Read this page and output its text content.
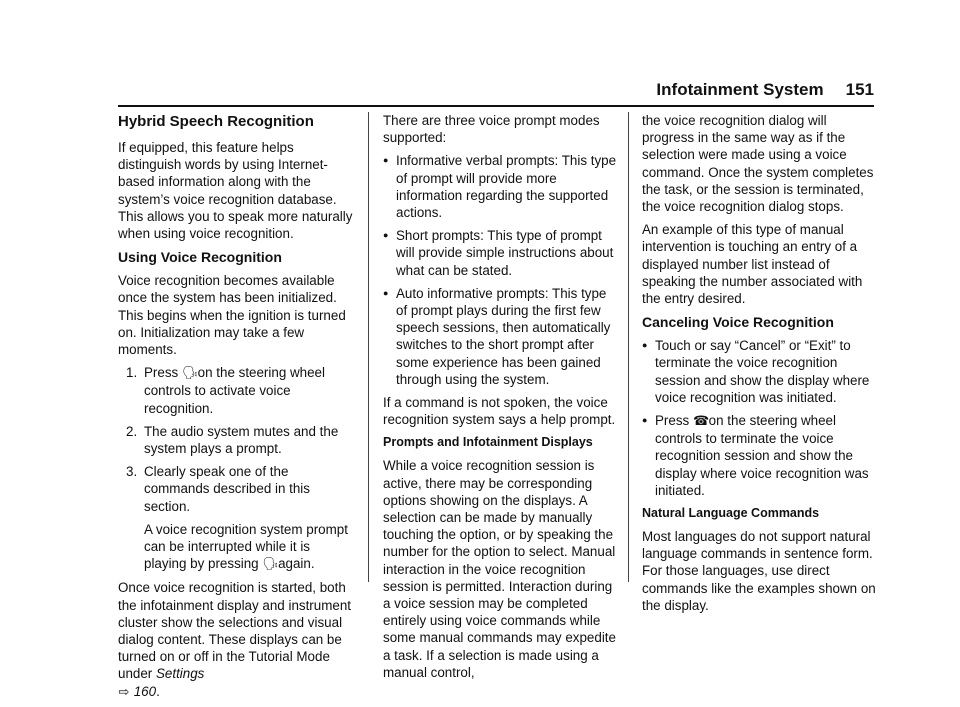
Infotainment System 151
Hybrid Speech Recognition

If equipped, this feature helps distinguish words by using Internet-based information along with the system’s voice recognition database. This allows you to speak more naturally when using voice recognition.

Using Voice Recognition

Voice recognition becomes available once the system has been initialized. This begins when the ignition is turned on. Initialization may take a few moments.

1. Press 🗣 on the steering wheel controls to activate voice recognition.
2. The audio system mutes and the system plays a prompt.
3. Clearly speak one of the commands described in this section.

A voice recognition system prompt can be interrupted while it is playing by pressing 🗣 again.

Once voice recognition is started, both the infotainment display and instrument cluster show the selections and visual dialog content. These displays can be turned on or off in the Tutorial Mode under Settings
⇨ 160.

There are three voice prompt modes supported:

● Informative verbal prompts: This type of prompt will provide more information regarding the supported actions.
● Short prompts: This type of prompt will provide simple instructions about what can be stated.
● Auto informative prompts: This type of prompt plays during the first few speech sessions, then automatically switches to the short prompt after some experience has been gained through using the system.

If a command is not spoken, the voice recognition system says a help prompt.

Prompts and Infotainment Displays

While a voice recognition session is active, there may be corresponding options showing on the displays. A selection can be made by manually touching the option, or by speaking the number for the option to select. Manual interaction in the voice recognition session is permitted. Interaction during a voice session may be completed entirely using voice commands while some manual commands may expedite a task. If a selection is made using a manual control,

the voice recognition dialog will progress in the same way as if the selection were made using a voice command. Once the system completes the task, or the session is terminated, the voice recognition dialog stops.

An example of this type of manual intervention is touching an entry of a displayed number list instead of speaking the number associated with the entry desired.

Canceling Voice Recognition
● Touch or say “Cancel” or “Exit” to terminate the voice recognition session and show the display where voice recognition was initiated.
● Press ☎ on the steering wheel controls to terminate the voice recognition session and show the display where voice recognition was initiated.
Natural Language Commands

Most languages do not support natural language commands in sentence form. For those languages, use direct commands like the examples shown on the display.
